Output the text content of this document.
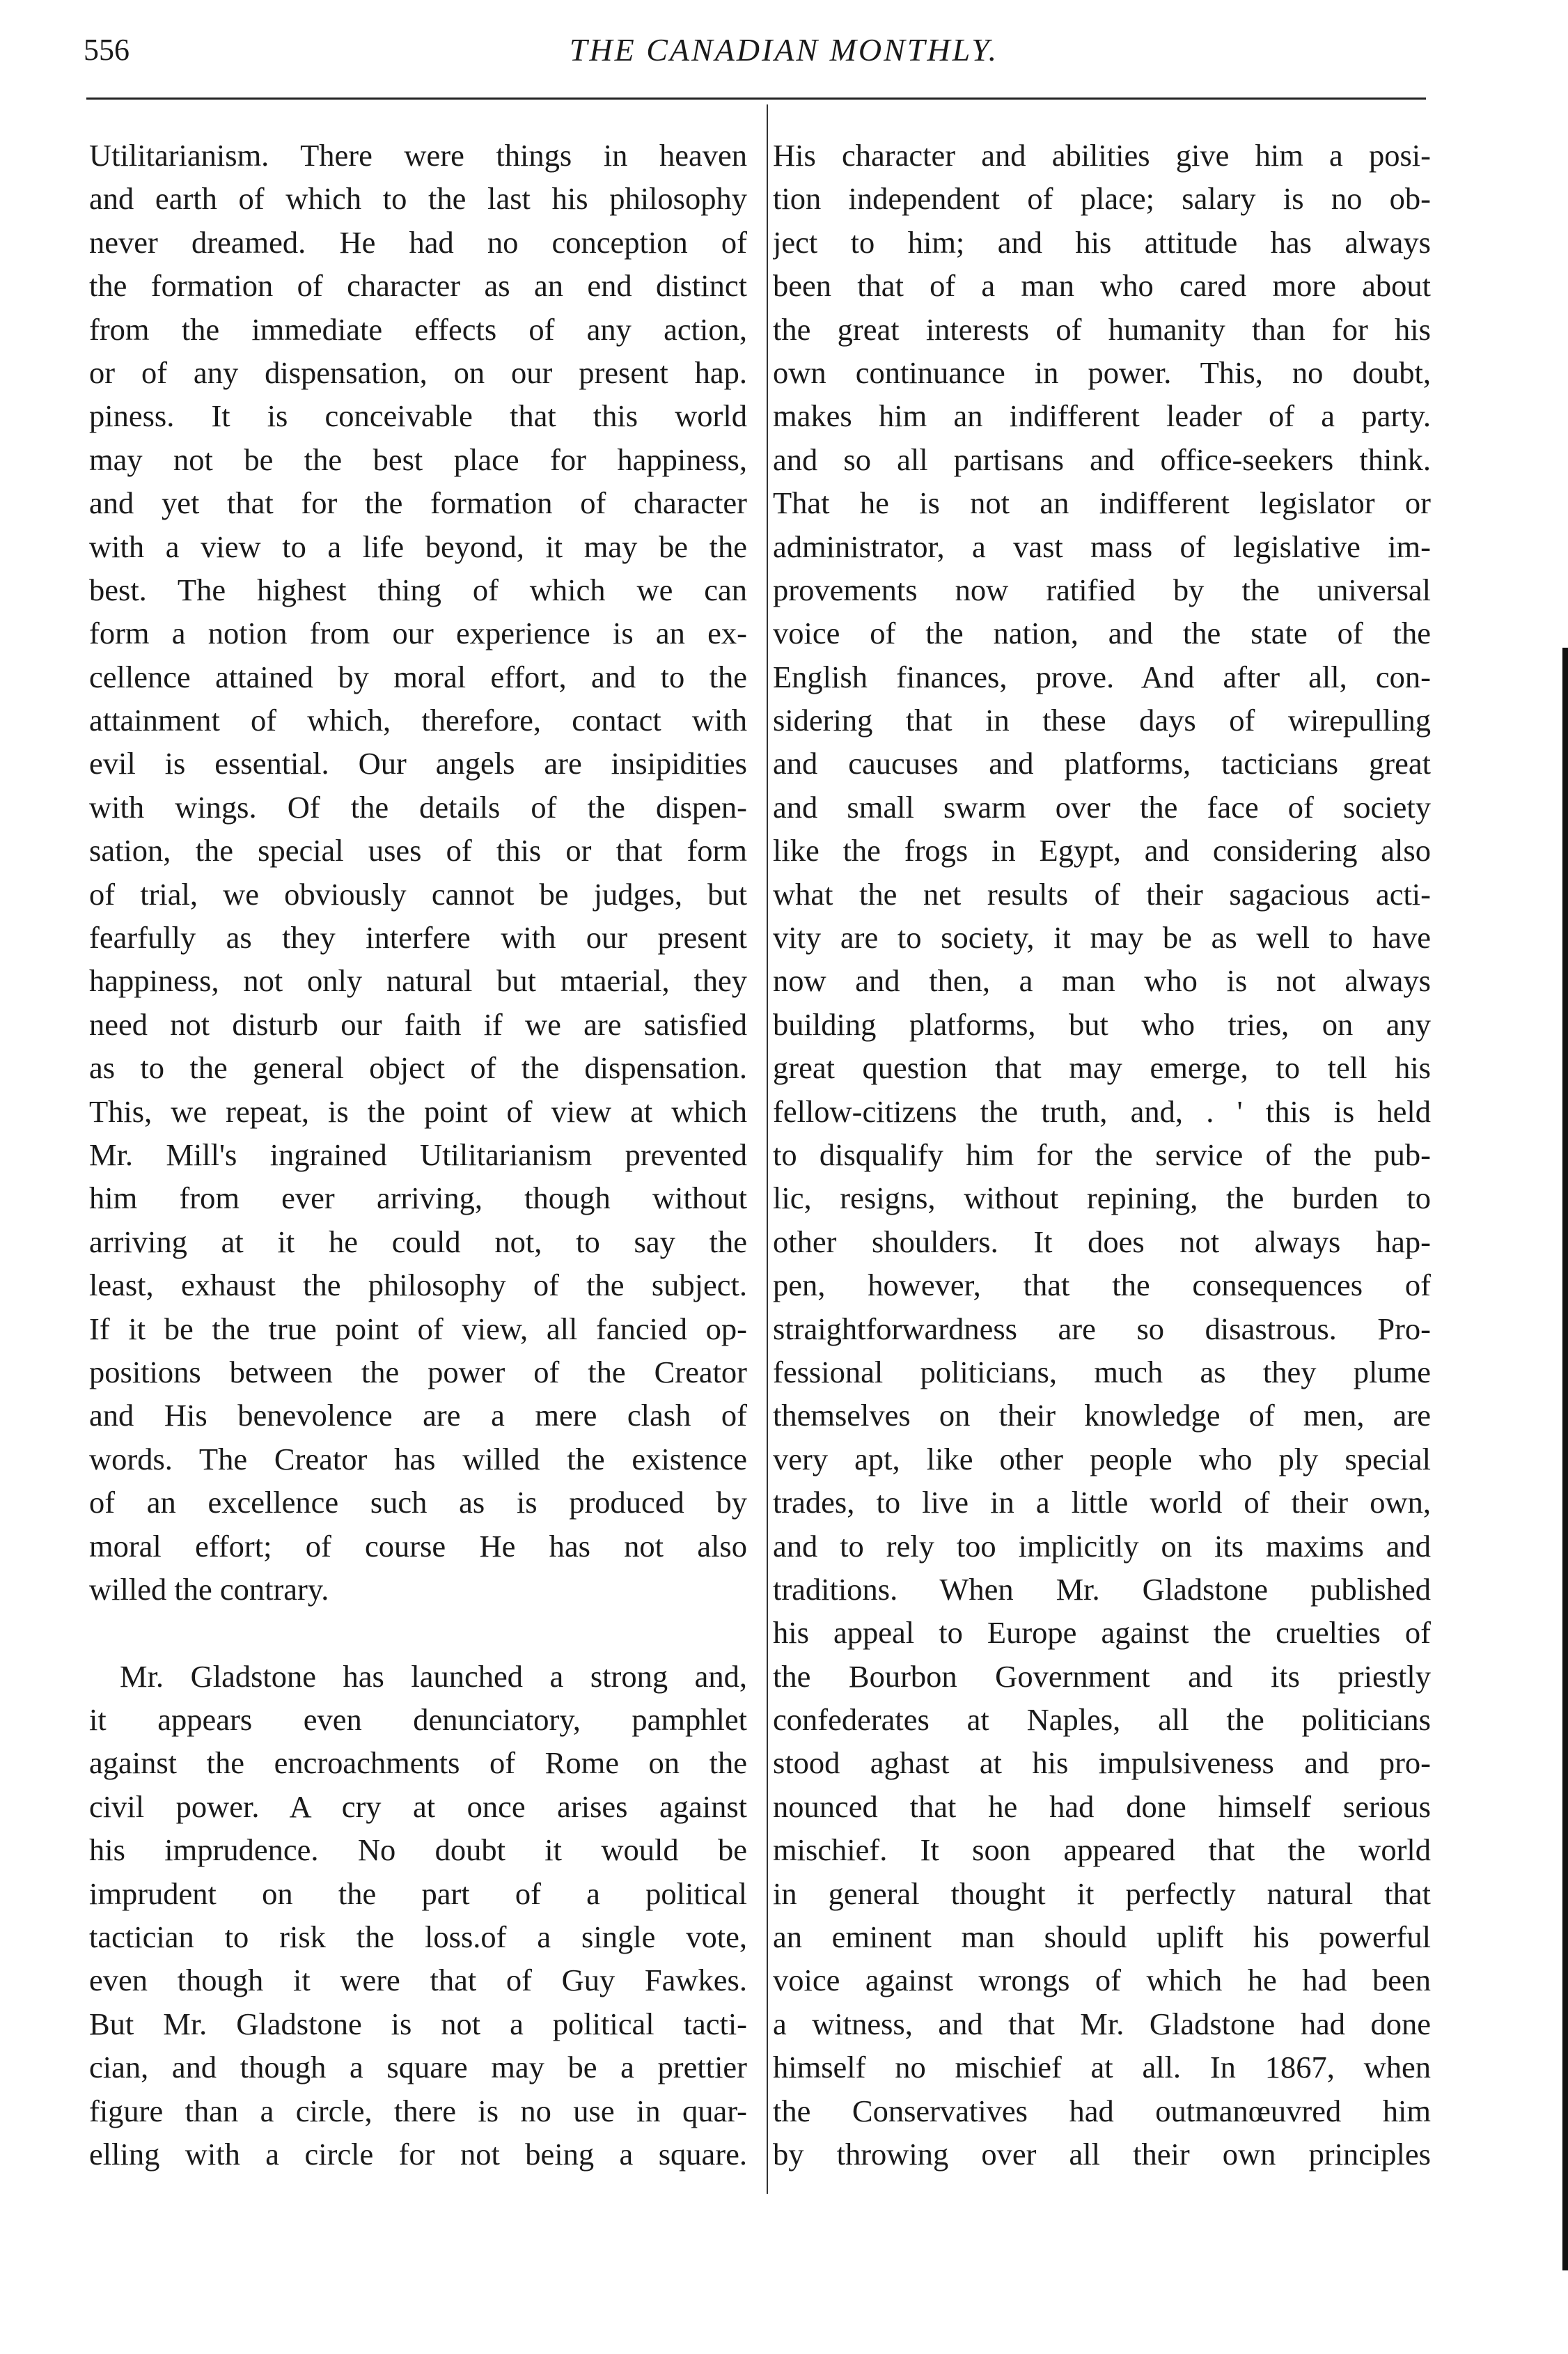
556	THE CANADIAN MONTHLY.
Utilitarianism. There were things in heaven
and earth of which to the last his philosophy
never dreamed. He had no conception of
the formation of character as an end distinct
from the immediate effects of any action,
or of any dispensation, on our present hap.
piness. It is conceivable that this world
may not be the best place for happiness,
and yet that for the formation of character
with a view to a life beyond, it may be the
best. The highest thing of which we can
form a notion from our experience is an ex-
cellence attained by moral effort, and to the
attainment of which, therefore, contact with
evil is essential. Our angels are insipidities
with wings. Of the details of the dispen-
sation, the special uses of this or that form
of trial, we obviously cannot be judges, but
fearfully as they interfere with our present
happiness, not only natural but mtaerial, they
need not disturb our faith if we are satisfied
as to the general object of the dispensation.
This, we repeat, is the point of view at which
Mr. Mill's ingrained Utilitarianism prevented
him from ever arriving, though without
arriving at it he could not, to say the
least, exhaust the philosophy of the subject.
If it be the true point of view, all fancied op-
positions between the power of the Creator
and His benevolence are a mere clash of
words. The Creator has willed the existence
of an excellence such as is produced by
moral effort; of course He has not also
willed the contrary.
Mr. Gladstone has launched a strong and,
it appears even denunciatory, pamphlet
against the encroachments of Rome on the
civil power. A cry at once arises against
his imprudence. No doubt it would be
imprudent on the part of a political
tactician to risk the loss.of a single vote,
even though it were that of Guy Fawkes.
But Mr. Gladstone is not a political tacti-
cian, and though a square may be a prettier
figure than a circle, there is no use in quar-
elling with a circle for not being a square.
His character and abilities give him a posi-
tion independent of place; salary is no ob-
ject to him; and his attitude has always
been that of a man who cared more about
the great interests of humanity than for his
own continuance in power. This, no doubt,
makes him an indifferent leader of a party.
and so all partisans and office-seekers think.
That he is not an indifferent legislator or
administrator, a vast mass of legislative im-
provements now ratified by the universal
voice of the nation, and the state of the
English finances, prove. And after all, con-
sidering that in these days of wirepulling
and caucuses and platforms, tacticians great
and small swarm over the face of society
like the frogs in Egypt, and considering also
what the net results of their sagacious acti-
vity are to society, it may be as well to have
now and then, a man who is not always
building platforms, but who tries, on any
great question that may emerge, to tell his
fellow-citizens the truth, and, . ' this is held
to disqualify him for the service of the pub-
lic, resigns, without repining, the burden to
other shoulders. It does not always hap-
pen, however, that the consequences of
straightforwardness are so disastrous. Pro-
fessional politicians, much as they plume
themselves on their knowledge of men, are
very apt, like other people who ply special
trades, to live in a little world of their own,
and to rely too implicitly on its maxims and
traditions. When Mr. Gladstone published
his appeal to Europe against the cruelties of
the Bourbon Government and its priestly
confederates at Naples, all the politicians
stood aghast at his impulsiveness and pro-
nounced that he had done himself serious
mischief. It soon appeared that the world
in general thought it perfectly natural that
an eminent man should uplift his powerful
voice against wrongs of which he had been
a witness, and that Mr. Gladstone had done
himself no mischief at all. In 1867, when
the Conservatives had outmanœuvred him
by throwing over all their own principles
